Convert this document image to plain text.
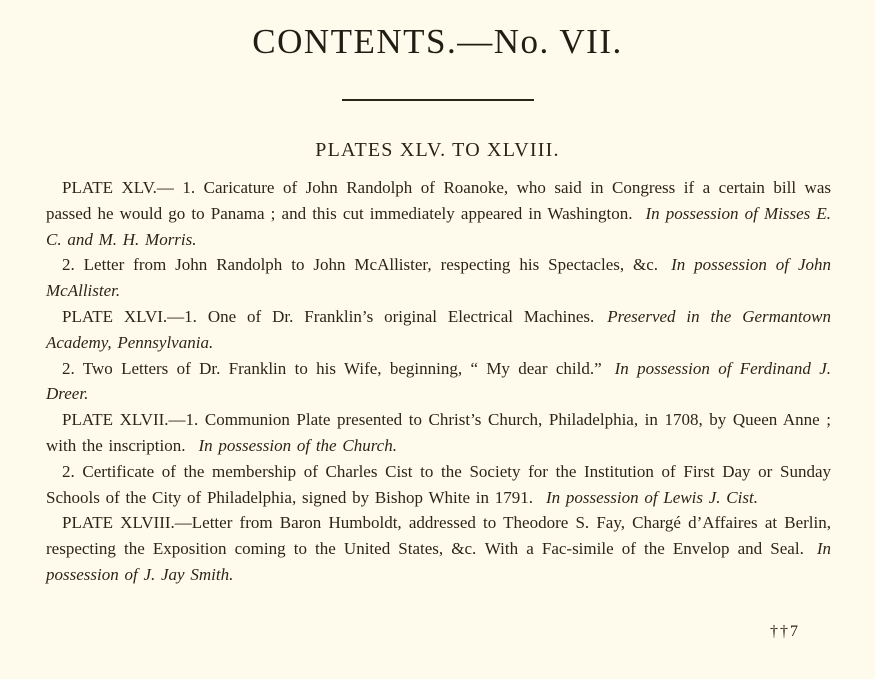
CONTENTS.—No. VII.
PLATES XLV. TO XLVIII.

PLATE XLV.— 1. Caricature of John Randolph of Roanoke, who said in Congress if a certain bill was passed he would go to Panama ; and this cut immediately appeared in Washington. In possession of Misses E. C. and M. H. Morris.

2. Letter from John Randolph to John McAllister, respecting his Spectacles, &c. In possession of John McAllister.

PLATE XLVI.—1. One of Dr. Franklin’s original Electrical Machines. Preserved in the Germantown Academy, Pennsylvania.

2. Two Letters of Dr. Franklin to his Wife, beginning, “ My dear child.” In possession of Ferdinand J. Dreer.

PLATE XLVII.—1. Communion Plate presented to Christ’s Church, Philadelphia, in 1708, by Queen Anne ; with the inscription. In possession of the Church.

2. Certificate of the membership of Charles Cist to the Society for the Institution of First Day or Sunday Schools of the City of Philadelphia, signed by Bishop White in 1791. In possession of Lewis J. Cist.

PLATE XLVIII.—Letter from Baron Humboldt, addressed to Theodore S. Fay, Chargé d’Affaires at Berlin, respecting the Exposition coming to the United States, &c. With a Fac-simile of the Envelop and Seal. In possession of J. Jay Smith.

††7
